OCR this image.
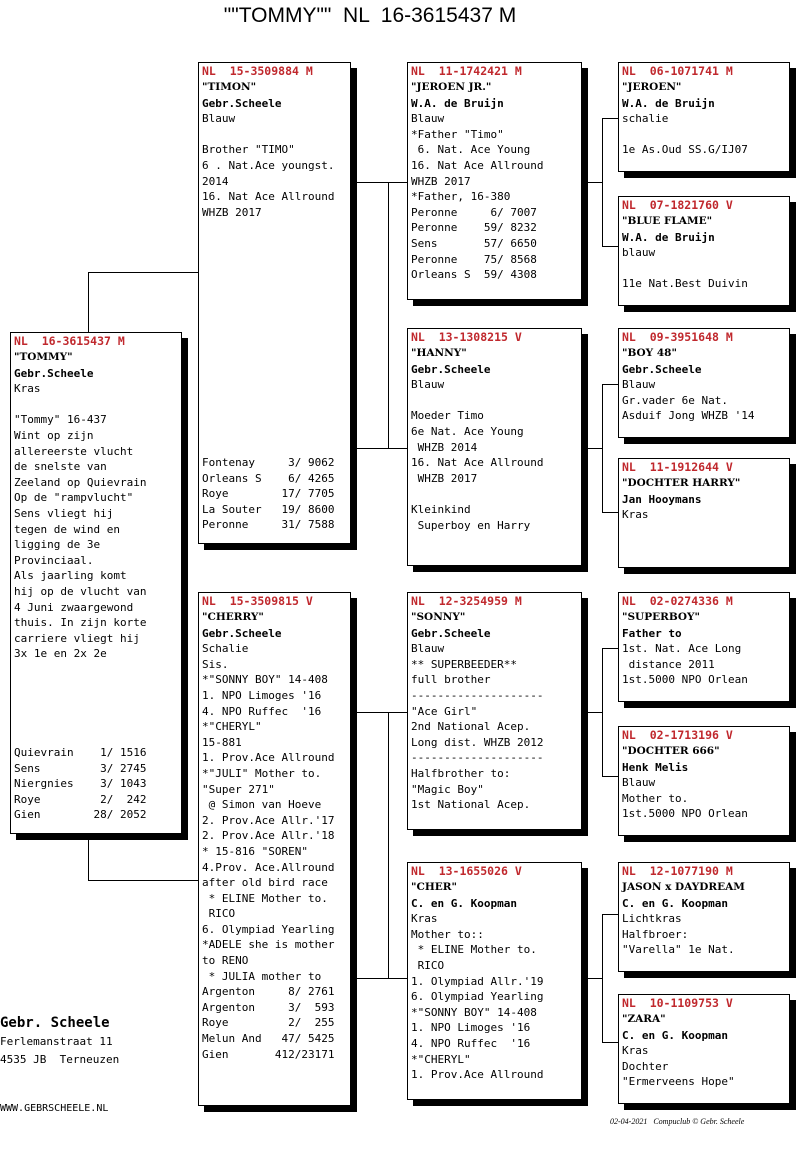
""TOMMY""  NL  16-3615437 M
NL  16-3615437 M
"TOMMY"
Gebr.Scheele
Kras
"Tommy" 16-437
Wint op zijn
allereerste vlucht
de snelste van
Zeeland op Quievrain
Op de "rampvlucht"
Sens vliegt hij
tegen de wind en
ligging de 3e
Provinciaal.
Als jaarling komt
hij op de vlucht van
4 Juni zwaargewond
thuis. In zijn korte
carriere vliegt hij
3x 1e en 2x 2e
Quievrain    1/ 1516
Sens         3/ 2745
Niergnies    3/ 1043
Roye         2/  242
Gien        28/ 2052
NL  15-3509884 M
"TIMON"
Gebr.Scheele
Blauw
Brother "TIMO"
6 . Nat.Ace youngst.
2014
16. Nat Ace Allround
WHZB 2017
Fontenay     3/ 9062
Orleans S    6/ 4265
Roye        17/ 7705
La Souter   19/ 8600
Peronne     31/ 7588
NL  15-3509815 V
"CHERRY"
Gebr.Scheele
Schalie
Sis.
*"SONNY BOY" 14-408
1. NPO Limoges '16
4. NPO Ruffec  '16
*"CHERYL"
15-881
1. Prov.Ace Allround
*"JULI" Mother to.
"Super 271"
@ Simon van Hoeve
2. Prov.Ace Allr.'17
2. Prov.Ace Allr.'18
* 15-816 "SOREN"
4.Prov. Ace.Allround
after old bird race
* ELINE Mother to.
RICO
6. Olympiad Yearling
*ADELE she is mother
to RENO
* JULIA mother to
Argenton     8/ 2761
Argenton     3/  593
Roye         2/  255
Melun And   47/ 5425
Gien       412/23171
NL  11-1742421 M
"JEROEN JR."
W.A. de Bruijn
Blauw
*Father "Timo"
6. Nat. Ace Young
16. Nat Ace Allround
WHZB 2017
*Father, 16-380
Peronne     6/ 7007
Peronne    59/ 8232
Sens       57/ 6650
Peronne    75/ 8568
Orleans S  59/ 4308
NL  13-1308215 V
"HANNY"
Gebr.Scheele
Blauw
Moeder Timo
6e Nat. Ace Young
WHZB 2014
16. Nat Ace Allround
WHZB 2017
Kleinkind
Superboy en Harry
NL  12-3254959 M
"SONNY"
Gebr.Scheele
Blauw
** SUPERBEEDER**
full brother
--------------------
"Ace Girl"
2nd National Acep.
Long dist. WHZB 2012
--------------------
Halfbrother to:
"Magic Boy"
1st National Acep.
NL  13-1655026 V
"CHER"
C. en G. Koopman
Kras
Mother to::
* ELINE Mother to.
RICO
1. Olympiad Allr.'19
6. Olympiad Yearling
*"SONNY BOY" 14-408
1. NPO Limoges '16
4. NPO Ruffec  '16
*"CHERYL"
1. Prov.Ace Allround
NL  06-1071741 M
"JEROEN"
W.A. de Bruijn
schalie
1e As.Oud SS.G/IJ07
NL  07-1821760 V
"BLUE FLAME"
W.A. de Bruijn
blauw
11e Nat.Best Duivin
NL  09-3951648 M
"BOY 48"
Gebr.Scheele
Blauw
Gr.vader 6e Nat.
Asduif Jong WHZB '14
NL  11-1912644 V
"DOCHTER HARRY"
Jan Hooymans
Kras
NL  02-0274336 M
"SUPERBOY"
Father to
1st. Nat. Ace Long
distance 2011
1st.5000 NPO Orlean
NL  02-1713196 V
"DOCHTER 666"
Henk Melis
Blauw
Mother to.
1st.5000 NPO Orlean
NL  12-1077190 M
JASON x DAYDREAM
C. en G. Koopman
Lichtkras
Halfbroer:
"Varella" 1e Nat.
NL  10-1109753 V
"ZARA"
C. en G. Koopman
Kras
Dochter
"Ermerveens Hope"
Gebr. Scheele
Ferlemanstraat 11
4535 JB  Terneuzen
WWW.GEBRSCHEELE.NL
02-04-2021   Compuclub © Gebr. Scheele
